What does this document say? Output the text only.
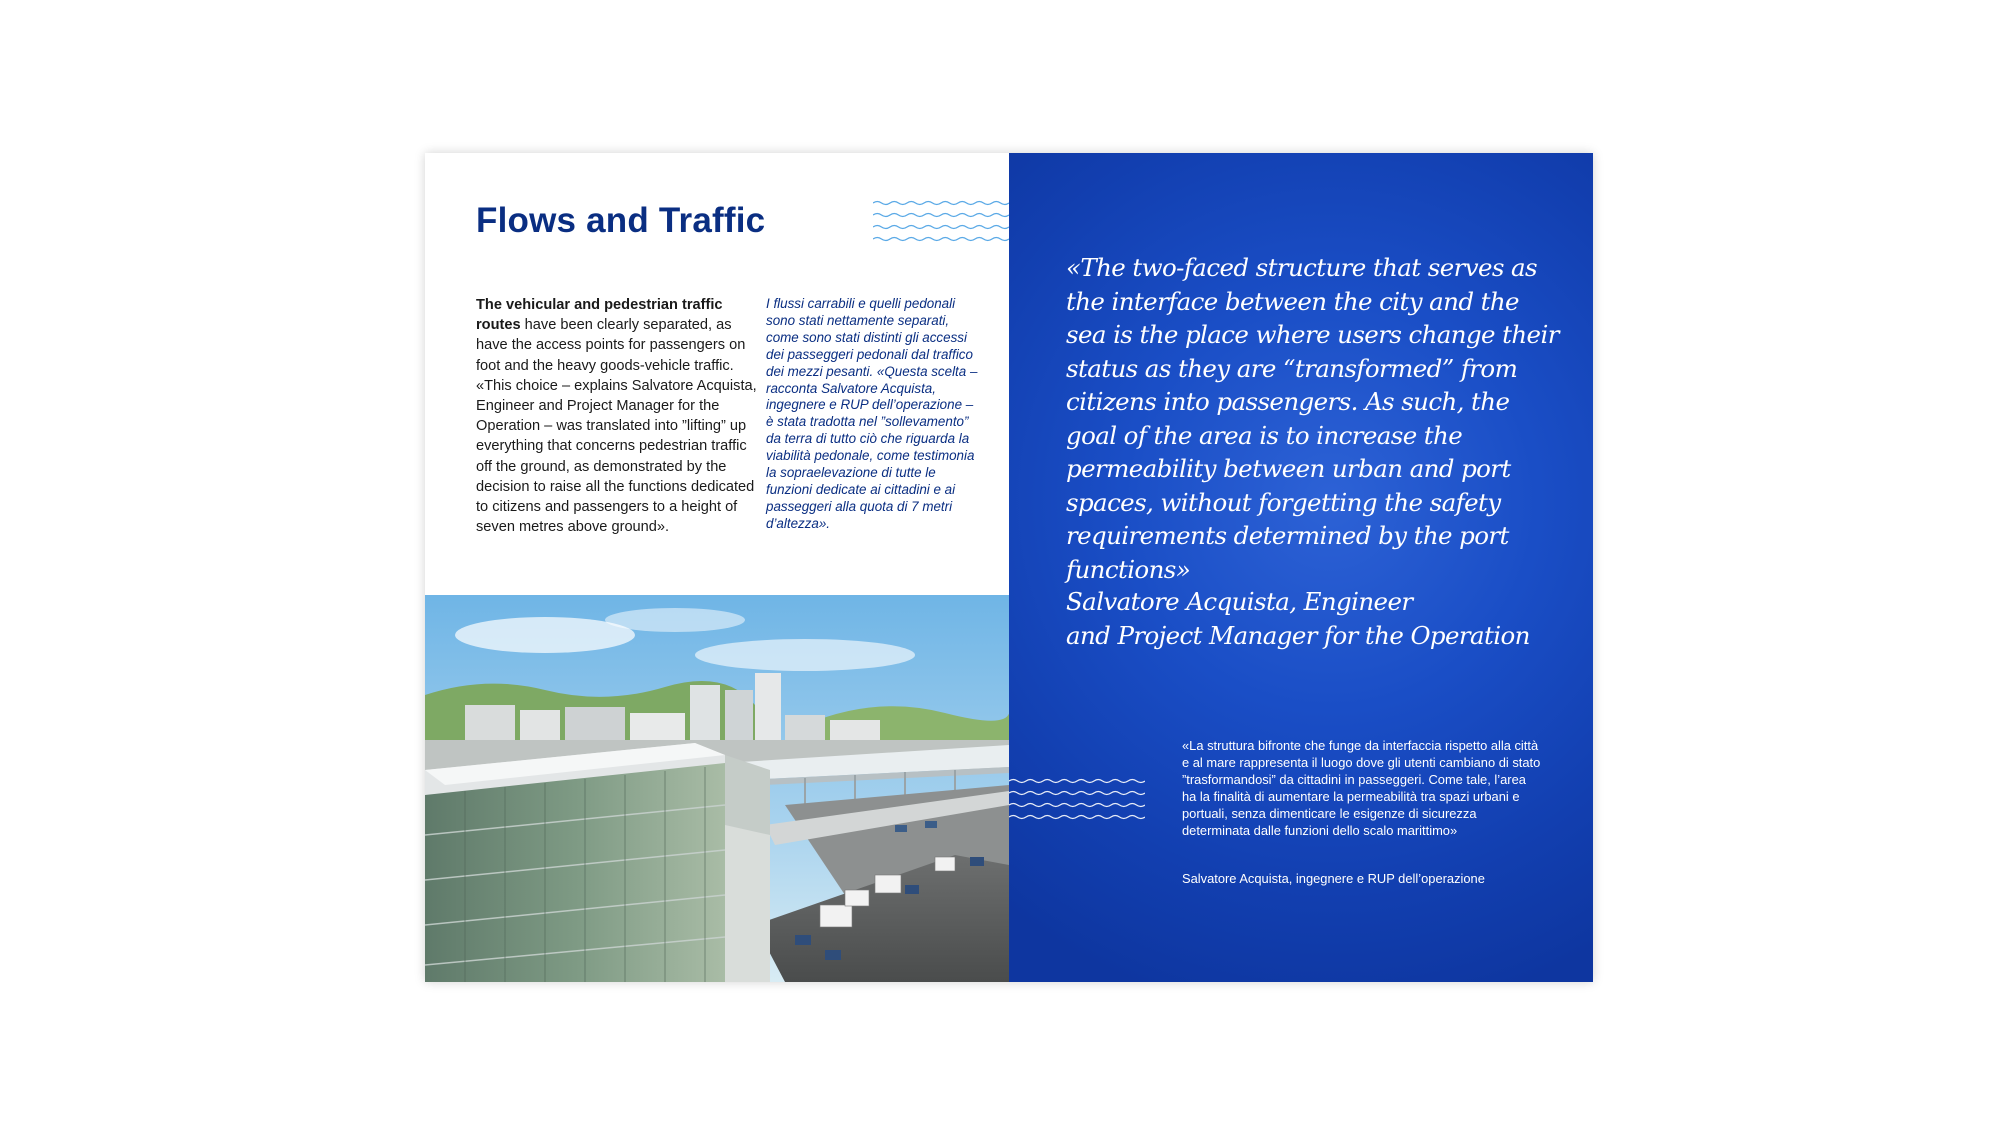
Flows and Traffic

The vehicular and pedestrian traffic routes have been clearly separated, as have the access points for passengers on foot and the heavy goods-vehicle traffic. «This choice – explains Salvatore Acquista, Engineer and Project Manager for the Operation – was translated into ”lifting” up everything that concerns pedestrian traffic off the ground, as demonstrated by the decision to raise all the functions dedicated to citizens and passengers to a height of seven metres above ground».

I flussi carrabili e quelli pedonali sono stati nettamente separati, come sono stati distinti gli accessi dei passeggeri pedonali dal traffico dei mezzi pesanti. «Questa scelta – racconta Salvatore Acquista, ingegnere e RUP dell’operazione – è stata tradotta nel ”sollevamento” da terra di tutto ciò che riguarda la viabilità pedonale, come testimonia la sopraelevazione di tutte le funzioni dedicate ai cittadini e ai passeggeri alla quota di 7 metri d’altezza».

«The two-faced structure that serves as the interface between the city and the sea is the place where users change their status as they are “transformed” from citizens into passengers. As such, the goal of the area is to increase the permeability between urban and port spaces, without forgetting the safety requirements determined by the port functions»

Salvatore Acquista, Engineer
and Project Manager for the Operation

«La struttura bifronte che funge da interfaccia rispetto alla città e al mare rappresenta il luogo dove gli utenti cambiano di stato ”trasformandosi” da cittadini in passeggeri. Come tale, l’area ha la finalità di aumentare la permeabilità tra spazi urbani e portuali, senza dimenticare le esigenze di sicurezza determinata dalle funzioni dello scalo marittimo»

Salvatore Acquista, ingegnere e RUP dell’operazione
